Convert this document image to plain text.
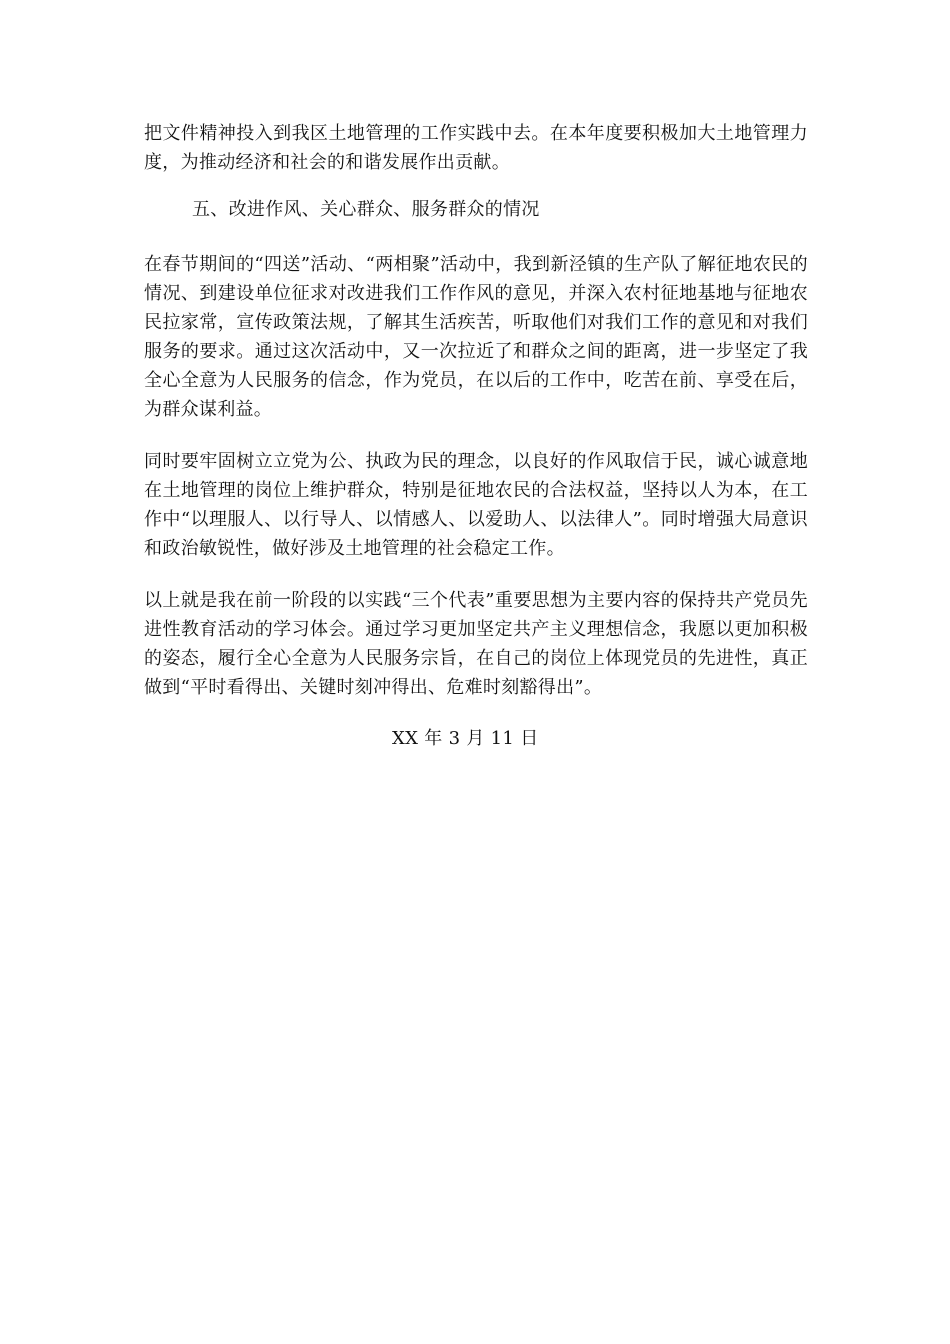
把文件精神投入到我区土地管理的工作实践中去。在本年度要积极加大土地管理力度，为推动经济和社会的和谐发展作出贡献。

五、改进作风、关心群众、服务群众的情况

在春节期间的“四送”活动、“两相聚”活动中，我到新泾镇的生产队了解征地农民的情况、到建设单位征求对改进我们工作作风的意见，并深入农村征地基地与征地农民拉家常，宣传政策法规，了解其生活疾苦，听取他们对我们工作的意见和对我们服务的要求。通过这次活动中，又一次拉近了和群众之间的距离，进一步坚定了我全心全意为人民服务的信念，作为党员，在以后的工作中，吃苦在前、享受在后，为群众谋利益。

同时要牢固树立立党为公、执政为民的理念，以良好的作风取信于民，诚心诚意地在土地管理的岗位上维护群众，特别是征地农民的合法权益，坚持以人为本，在工作中“以理服人、以行导人、以情感人、以爱助人、以法律人”。同时增强大局意识和政治敏锐性，做好涉及土地管理的社会稳定工作。

以上就是我在前一阶段的以实践“三个代表”重要思想为主要内容的保持共产党员先进性教育活动的学习体会。通过学习更加坚定共产主义理想信念，我愿以更加积极的姿态，履行全心全意为人民服务宗旨，在自己的岗位上体现党员的先进性，真正做到“平时看得出、关键时刻冲得出、危难时刻豁得出”。

XX 年 3 月 11 日
